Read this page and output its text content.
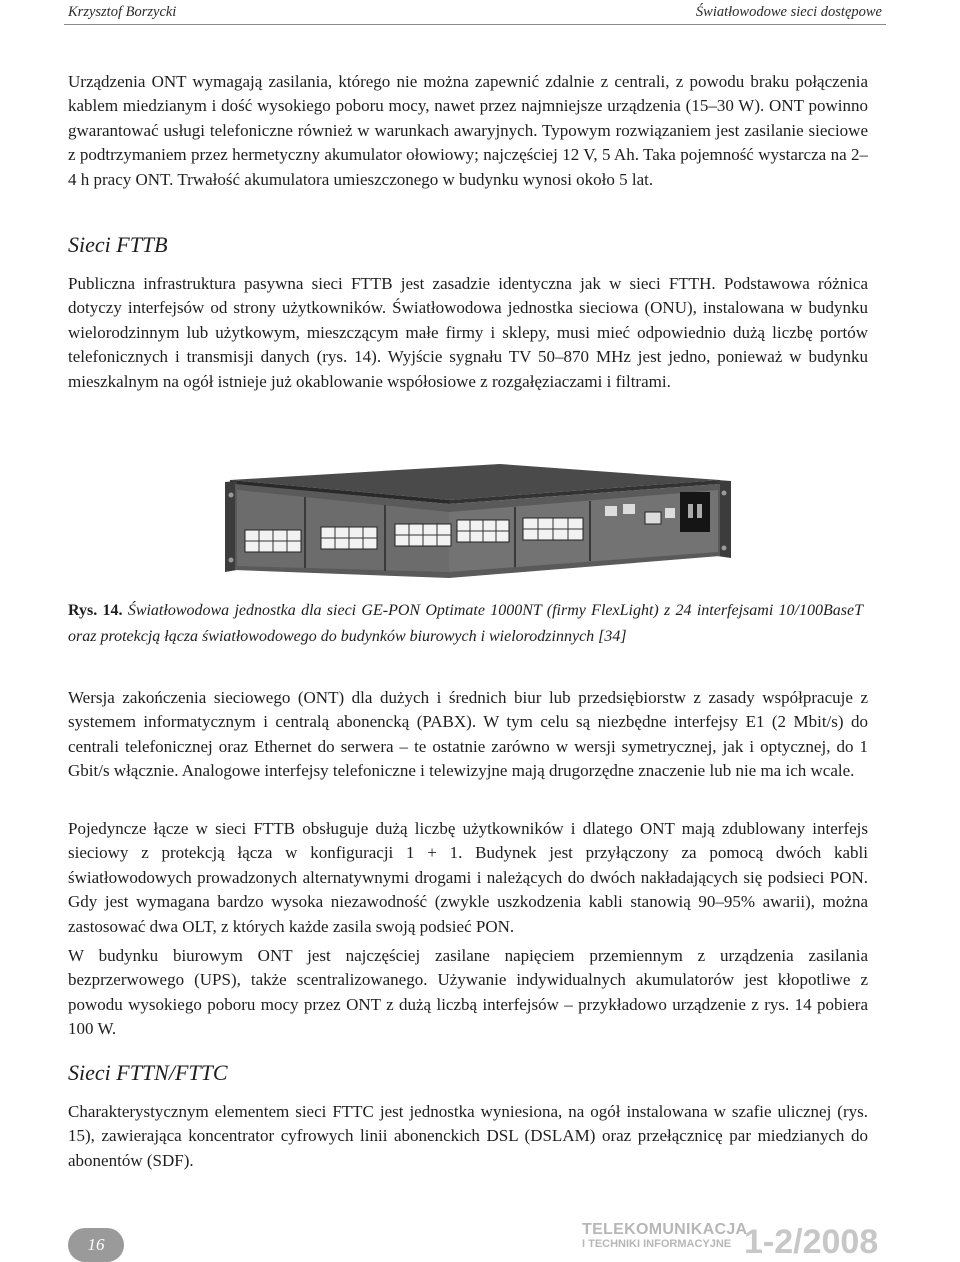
Krzysztof Borzycki	Światłowodowe sieci dostępowe

Urządzenia ONT wymagają zasilania, którego nie można zapewnić zdalnie z centrali, z powodu braku połączenia kablem miedzianym i dość wysokiego poboru mocy, nawet przez najmniejsze urządzenia (15–30 W). ONT powinno gwarantować usługi telefoniczne również w warunkach awaryjnych. Typowym rozwiązaniem jest zasilanie sieciowe z podtrzymaniem przez hermetyczny akumulator ołowiowy; najczęściej 12 V, 5 Ah. Taka pojemność wystarcza na 2–4 h pracy ONT. Trwałość akumulatora umieszczonego w budynku wynosi około 5 lat.

Sieci FTTB

Publiczna infrastruktura pasywna sieci FTTB jest zasadzie identyczna jak w sieci FTTH. Podstawowa różnica dotyczy interfejsów od strony użytkowników. Światłowodowa jednostka sieciowa (ONU), instalowana w budynku wielorodzinnym lub użytkowym, mieszczącym małe firmy i sklepy, musi mieć odpowiednio dużą liczbę portów telefonicznych i transmisji danych (rys. 14). Wyjście sygnału TV 50–870 MHz jest jedno, ponieważ w budynku mieszkalnym na ogół istnieje już okablowanie współosiowe z rozgałęziaczami i filtrami.

Rys. 14. Światłowodowa jednostka dla sieci GE-PON Optimate 1000NT (firmy FlexLight) z 24 interfejsami 10/100BaseT oraz protekcją łącza światłowodowego do budynków biurowych i wielorodzinnych [34]

Wersja zakończenia sieciowego (ONT) dla dużych i średnich biur lub przedsiębiorstw z zasady współpracuje z systemem informatycznym i centralą abonencką (PABX). W tym celu są niezbędne interfejsy E1 (2 Mbit/s) do centrali telefonicznej oraz Ethernet do serwera – te ostatnie zarówno w wersji symetrycznej, jak i optycznej, do 1 Gbit/s włącznie. Analogowe interfejsy telefoniczne i telewizyjne mają drugorzędne znaczenie lub nie ma ich wcale.

Pojedyncze łącze w sieci FTTB obsługuje dużą liczbę użytkowników i dlatego ONT mają zdublowany interfejs sieciowy z protekcją łącza w konfiguracji 1 + 1. Budynek jest przyłączony za pomocą dwóch kabli światłowodowych prowadzonych alternatywnymi drogami i należących do dwóch nakładających się podsieci PON. Gdy jest wymagana bardzo wysoka niezawodność (zwykle uszkodzenia kabli stanowią 90–95% awarii), można zastosować dwa OLT, z których każde zasila swoją podsieć PON.

W budynku biurowym ONT jest najczęściej zasilane napięciem przemiennym z urządzenia zasilania bezprzerwowego (UPS), także scentralizowanego. Używanie indywidualnych akumulatorów jest kłopotliwe z powodu wysokiego poboru mocy przez ONT z dużą liczbą interfejsów – przykładowo urządzenie z rys. 14 pobiera 100 W.

Sieci FTTN/FTTC

Charakterystycznym elementem sieci FTTC jest jednostka wyniesiona, na ogół instalowana w szafie ulicznej (rys. 15), zawierająca koncentrator cyfrowych linii abonenckich DSL (DSLAM) oraz przełącznicę par miedzianych do abonentów (SDF).

16
TELEKOMUNIKACJA
I TECHNIKI INFORMACYJNE 1-2/2008
